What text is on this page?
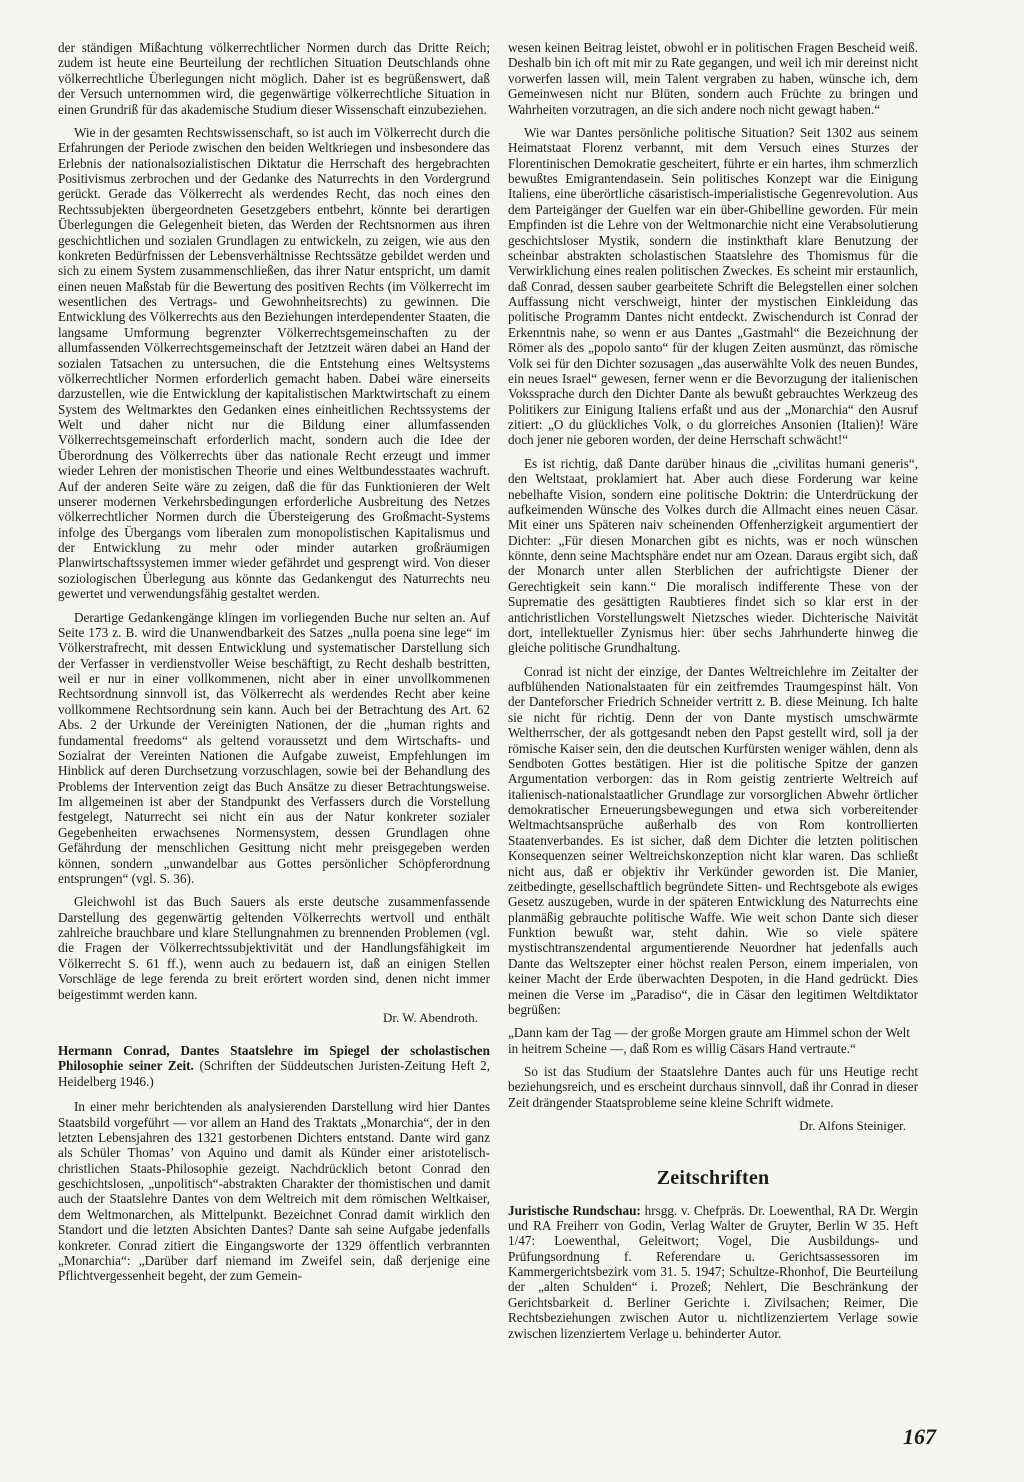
der ständigen Mißachtung völkerrechtlicher Normen durch das Dritte Reich; zudem ist heute eine Beurteilung der rechtlichen Situation Deutschlands ohne völkerrechtliche Überlegungen nicht möglich. Daher ist es begrüßenswert, daß der Versuch unternommen wird, die gegenwärtige völkerrechtliche Situation in einen Grundriß für das akademische Studium dieser Wissenschaft einzubeziehen.

Wie in der gesamten Rechtswissenschaft, so ist auch im Völkerrecht durch die Erfahrungen der Periode zwischen den beiden Weltkriegen und insbesondere das Erlebnis der nationalsozialistischen Diktatur die Herrschaft des hergebrachten Positivismus zerbrochen und der Gedanke des Naturrechts in den Vordergrund gerückt. Gerade das Völkerrecht als werdendes Recht, das noch eines den Rechtssubjekten übergeordneten Gesetzgebers entbehrt, könnte bei derartigen Überlegungen die Gelegenheit bieten, das Werden der Rechtsnormen aus ihren geschichtlichen und sozialen Grundlagen zu entwickeln, zu zeigen, wie aus den konkreten Bedürfnissen der Lebensverhältnisse Rechtssätze gebildet werden und sich zu einem System zusammenschließen, das ihrer Natur entspricht, um damit einen neuen Maßstab für die Bewertung des positiven Rechts (im Völkerrecht im wesentlichen des Vertrags- und Gewohnheitsrechts) zu gewinnen. Die Entwicklung des Völkerrechts aus den Beziehungen interdependenter Staaten, die langsame Umformung begrenzter Völkerrechtsgemeinschaften zu der allumfassenden Völkerrechtsgemeinschaft der Jetztzeit wären dabei an Hand der sozialen Tatsachen zu untersuchen, die die Entstehung eines Weltsystems völkerrechtlicher Normen erforderlich gemacht haben. Dabei wäre einerseits darzustellen, wie die Entwicklung der kapitalistischen Marktwirtschaft zu einem System des Weltmarktes den Gedanken eines einheitlichen Rechtssystems der Welt und daher nicht nur die Bildung einer allumfassenden Völkerrechtsgemeinschaft erforderlich macht, sondern auch die Idee der Überordnung des Völkerrechts über das nationale Recht erzeugt und immer wieder Lehren der monistischen Theorie und eines Weltbundesstaates wachruft. Auf der anderen Seite wäre zu zeigen, daß die für das Funktionieren der Welt unserer modernen Verkehrsbedingungen erforderliche Ausbreitung des Netzes völkerrechtlicher Normen durch die Übersteigerung des Großmacht-Systems infolge des Übergangs vom liberalen zum monopolistischen Kapitalismus und der Entwicklung zu mehr oder minder autarken großräumigen Planwirtschaftssystemen immer wieder gefährdet und gesprengt wird. Von dieser soziologischen Überlegung aus könnte das Gedankengut des Naturrechts neu gewertet und verwendungsfähig gestaltet werden.

Derartige Gedankengänge klingen im vorliegenden Buche nur selten an. Auf Seite 173 z. B. wird die Unanwendbarkeit des Satzes „nulla poena sine lege“ im Völkerstrafrecht, mit dessen Entwicklung und systematischer Darstellung sich der Verfasser in verdienstvoller Weise beschäftigt, zu Recht deshalb bestritten, weil er nur in einer vollkommenen, nicht aber in einer unvollkommenen Rechtsordnung sinnvoll ist, das Völkerrecht als werdendes Recht aber keine vollkommene Rechtsordnung sein kann. Auch bei der Betrachtung des Art. 62 Abs. 2 der Urkunde der Vereinigten Nationen, der die „human rights and fundamental freedoms“ als geltend voraussetzt und dem Wirtschafts- und Sozialrat der Vereinten Nationen die Aufgabe zuweist, Empfehlungen im Hinblick auf deren Durchsetzung vorzuschlagen, sowie bei der Behandlung des Problems der Intervention zeigt das Buch Ansätze zu dieser Betrachtungsweise. Im allgemeinen ist aber der Standpunkt des Verfassers durch die Vorstellung festgelegt, Naturrecht sei nicht ein aus der Natur konkreter sozialer Gegebenheiten erwachsenes Normensystem, dessen Grundlagen ohne Gefährdung der menschlichen Gesittung nicht mehr preisgegeben werden können, sondern „unwandelbar aus Gottes persönlicher Schöpferordnung entsprungen“ (vgl. S. 36).

Gleichwohl ist das Buch Sauers als erste deutsche zusammenfassende Darstellung des gegenwärtig geltenden Völkerrechts wertvoll und enthält zahlreiche brauchbare und klare Stellungnahmen zu brennenden Problemen (vgl. die Fragen der Völkerrechtssubjektivität und der Handlungsfähigkeit im Völkerrecht S. 61 ff.), wenn auch zu bedauern ist, daß an einigen Stellen Vorschläge de lege ferenda zu breit erörtert worden sind, denen nicht immer beigestimmt werden kann.

Dr. W. Abendroth.

Hermann Conrad, Dantes Staatslehre im Spiegel der scholastischen Philosophie seiner Zeit. (Schriften der Süddeutschen Juristen-Zeitung Heft 2, Heidelberg 1946.)

In einer mehr berichtenden als analysierenden Darstellung wird hier Dantes Staatsbild vorgeführt — vor allem an Hand des Traktats „Monarchia“, der in den letzten Lebensjahren des 1321 gestorbenen Dichters entstand. Dante wird ganz als Schüler Thomas’ von Aquino und damit als Künder einer aristotelisch-christlichen Staats-Philosophie gezeigt. Nachdrücklich betont Conrad den geschichtslosen, „unpolitisch“-abstrakten Charakter der thomistischen und damit auch der Staatslehre Dantes von dem Weltreich mit dem römischen Weltkaiser, dem Weltmonarchen, als Mittelpunkt. Bezeichnet Conrad damit wirklich den Standort und die letzten Absichten Dantes? Dante sah seine Aufgabe jedenfalls konkreter. Conrad zitiert die Eingangsworte der 1329 öffentlich verbrannten „Monarchia“: „Darüber darf niemand im Zweifel sein, daß derjenige eine Pflichtvergessenheit begeht, der zum Gemein-

wesen keinen Beitrag leistet, obwohl er in politischen Fragen Bescheid weiß. Deshalb bin ich oft mit mir zu Rate gegangen, und weil ich mir dereinst nicht vorwerfen lassen will, mein Talent vergraben zu haben, wünsche ich, dem Gemeinwesen nicht nur Blüten, sondern auch Früchte zu bringen und Wahrheiten vorzutragen, an die sich andere noch nicht gewagt haben.“

Wie war Dantes persönliche politische Situation? Seit 1302 aus seinem Heimatstaat Florenz verbannt, mit dem Versuch eines Sturzes der Florentinischen Demokratie gescheitert, führte er ein hartes, ihm schmerzlich bewußtes Emigrantendasein. Sein politisches Konzept war die Einigung Italiens, eine überörtliche cäsaristisch-imperialistische Gegenrevolution. Aus dem Parteigänger der Guelfen war ein über-Ghibelline geworden. Für mein Empfinden ist die Lehre von der Weltmonarchie nicht eine Verabsolutierung geschichtsloser Mystik, sondern die instinkthaft klare Benutzung der scheinbar abstrakten scholastischen Staatslehre des Thomismus für die Verwirklichung eines realen politischen Zweckes. Es scheint mir erstaunlich, daß Conrad, dessen sauber gearbeitete Schrift die Belegstellen einer solchen Auffassung nicht verschweigt, hinter der mystischen Einkleidung das politische Programm Dantes nicht entdeckt. Zwischendurch ist Conrad der Erkenntnis nahe, so wenn er aus Dantes „Gastmahl“ die Bezeichnung der Römer als des „popolo santo“ für der klugen Zeiten ausmünzt, das römische Volk sei für den Dichter sozusagen „das auserwählte Volk des neuen Bundes, ein neues Israel“ gewesen, ferner wenn er die Bevorzugung der italienischen Vokssprache durch den Dichter Dante als bewußt gebrauchtes Werkzeug des Politikers zur Einigung Italiens erfaßt und aus der „Monarchia“ den Ausruf zitiert: „O du glückliches Volk, o du glorreiches Ansonien (Italien)! Wäre doch jener nie geboren worden, der deine Herrschaft schwächt!“

Es ist richtig, daß Dante darüber hinaus die „civilitas humani generis“, den Weltstaat, proklamiert hat. Aber auch diese Forderung war keine nebelhafte Vision, sondern eine politische Doktrin: die Unterdrückung der aufkeimenden Wünsche des Volkes durch die Allmacht eines neuen Cäsar. Mit einer uns Späteren naiv scheinenden Offenherzigkeit argumentiert der Dichter: „Für diesen Monarchen gibt es nichts, was er noch wünschen könnte, denn seine Machtsphäre endet nur am Ozean. Daraus ergibt sich, daß der Monarch unter allen Sterblichen der aufrichtigste Diener der Gerechtigkeit sein kann.“ Die moralisch indifferente These von der Suprematie des gesättigten Raubtieres findet sich so klar erst in der antichristlichen Vorstellungswelt Nietzsches wieder. Dichterische Naivität dort, intellektueller Zynismus hier: über sechs Jahrhunderte hinweg die gleiche politische Grundhaltung.

Conrad ist nicht der einzige, der Dantes Weltreichlehre im Zeitalter der aufblühenden Nationalstaaten für ein zeitfremdes Traumgespinst hält. Von der Danteforscher Friedrich Schneider vertritt z. B. diese Meinung. Ich halte sie nicht für richtig. Denn der von Dante mystisch umschwärmte Weltherrscher, der als gottgesandt neben den Papst gestellt wird, soll ja der römische Kaiser sein, den die deutschen Kurfürsten weniger wählen, denn als Sendboten Gottes bestätigen. Hier ist die politische Spitze der ganzen Argumentation verborgen: das in Rom geistig zentrierte Weltreich auf italienisch-nationalstaatlicher Grundlage zur vorsorglichen Abwehr örtlicher demokratischer Erneuerungsbewegungen und etwa sich vorbereitender Weltmachtsansprüche außerhalb des von Rom kontrollierten Staatenverbandes. Es ist sicher, daß dem Dichter die letzten politischen Konsequenzen seiner Weltreichskonzeption nicht klar waren. Das schließt nicht aus, daß er objektiv ihr Verkünder geworden ist. Die Manier, zeitbedingte, gesellschaftlich begründete Sitten- und Rechtsgebote als ewiges Gesetz auszugeben, wurde in der späteren Entwicklung des Naturrechts eine planmäßig gebrauchte politische Waffe. Wie weit schon Dante sich dieser Funktion bewußt war, steht dahin. Wie so viele spätere mystischtranszendental argumentierende Neuordner hat jedenfalls auch Dante das Weltszepter einer höchst realen Person, einem imperialen, von keiner Macht der Erde überwachten Despoten, in die Hand gedrückt. Dies meinen die Verse im „Paradiso“, die in Cäsar den legitimen Weltdiktator begrüßen:

„Dann kam der Tag — der große Morgen graute am Himmel schon der Welt in heitrem Scheine —, daß Rom es willig Cäsars Hand vertraute.“

So ist das Studium der Staatslehre Dantes auch für uns Heutige recht beziehungsreich, und es erscheint durchaus sinnvoll, daß ihr Conrad in dieser Zeit drängender Staatsprobleme seine kleine Schrift widmete.

Dr. Alfons Steiniger.
Zeitschriften

Juristische Rundschau: hrsgg. v. Chefpräs. Dr. Loewenthal, RA Dr. Wergin und RA Freiherr von Godin, Verlag Walter de Gruyter, Berlin W 35. Heft 1/47: Loewenthal, Geleitwort; Vogel, Die Ausbildungs- und Prüfungsordnung f. Referendare u. Gerichtsassessoren im Kammergerichtsbezirk vom 31. 5. 1947; Schultze-Rhonhof, Die Beurteilung der „alten Schulden“ i. Prozeß; Nehlert, Die Beschränkung der Gerichtsbarkeit d. Berliner Gerichte i. Zivilsachen; Reimer, Die Rechtsbeziehungen zwischen Autor u. nichtlizenziertem Verlage sowie zwischen lizenziertem Verlage u. behinderter Autor.

167
